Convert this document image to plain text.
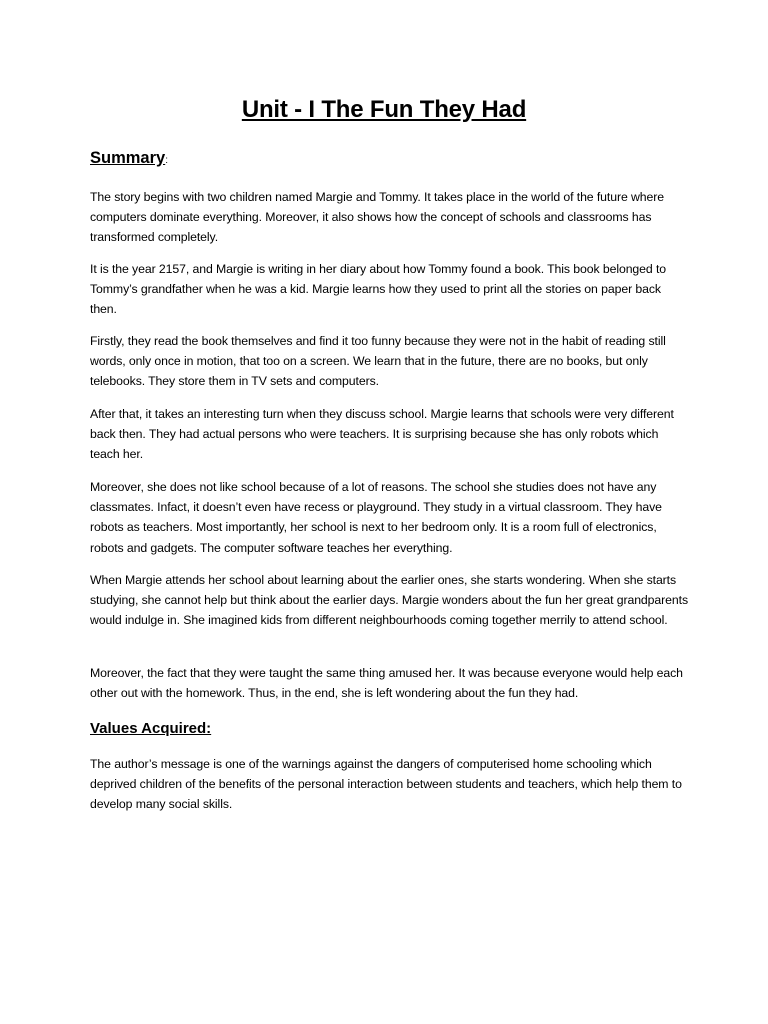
Unit - I The Fun They Had
Summary:

The story begins with two children named Margie and Tommy. It takes place in the world of the future where computers dominate everything. Moreover, it also shows how the concept of schools and classrooms has transformed completely.

It is the year 2157, and Margie is writing in her diary about how Tommy found a book. This book belonged to Tommy’s grandfather when he was a kid. Margie learns how they used to print all the stories on paper back then.

Firstly, they read the book themselves and find it too funny because they were not in the habit of reading still words, only once in motion, that too on a screen. We learn that in the future, there are no books, but only telebooks. They store them in TV sets and computers.

After that, it takes an interesting turn when they discuss school. Margie learns that schools were very different back then. They had actual persons who were teachers. It is surprising because she has only robots which teach her.

Moreover, she does not like school because of a lot of reasons. The school she studies does not have any classmates. Infact, it doesn’t even have recess or playground. They study in a virtual classroom. They have robots as teachers. Most importantly, her school is next to her bedroom only. It is a room full of electronics, robots and gadgets. The computer software teaches her everything.

When Margie attends her school about learning about the earlier ones, she starts wondering. When she starts studying, she cannot help but think about the earlier days. Margie wonders about the fun her great grandparents would indulge in. She imagined kids from different neighbourhoods coming together merrily to attend school.

Moreover, the fact that they were taught the same thing amused her. It was because everyone would help each other out with the homework. Thus, in the end, she is left wondering about the fun they had.

Values Acquired:

The author’s message is one of the warnings against the dangers of computerised home schooling which deprived children of the benefits of the personal interaction between students and teachers, which help them to develop many social skills.
